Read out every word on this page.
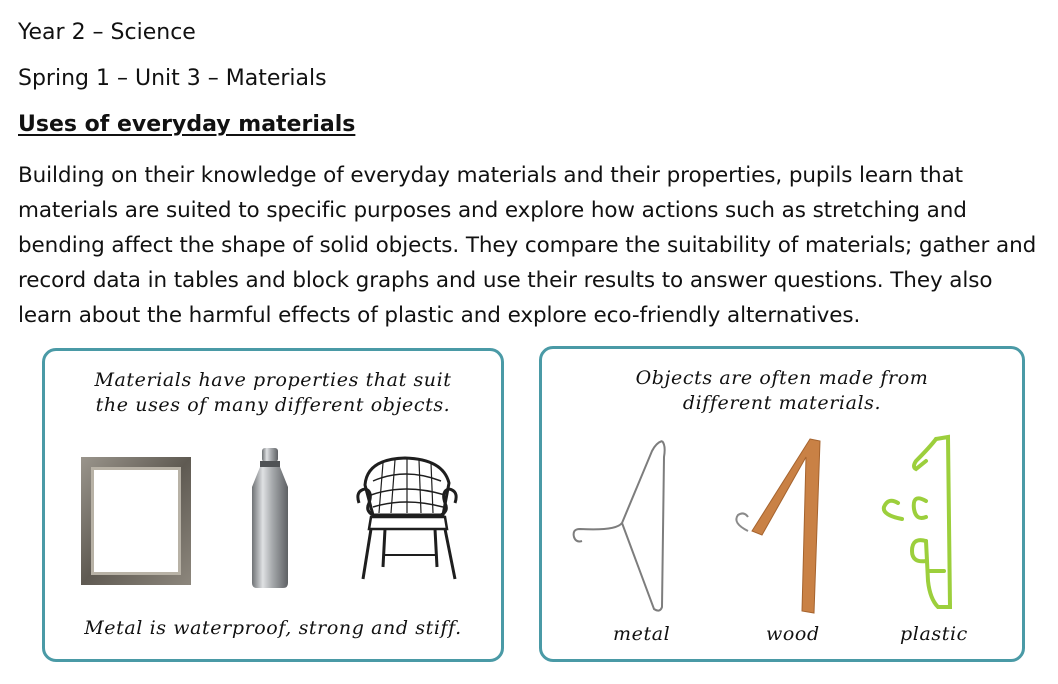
Year 2 – Science
Spring 1 – Unit 3 – Materials
Uses of everyday materials
Building on their knowledge of everyday materials and their properties, pupils learn that materials are suited to specific purposes and explore how actions such as stretching and bending affect the shape of solid objects. They compare the suitability of materials; gather and record data in tables and block graphs and use their results to answer questions. They also learn about the harmful effects of plastic and explore eco-friendly alternatives.
Materials have properties that suit
the uses of many different objects.
Metal is waterproof, strong and stiff.
Objects are often made from
different materials.
metal	wood	plastic
